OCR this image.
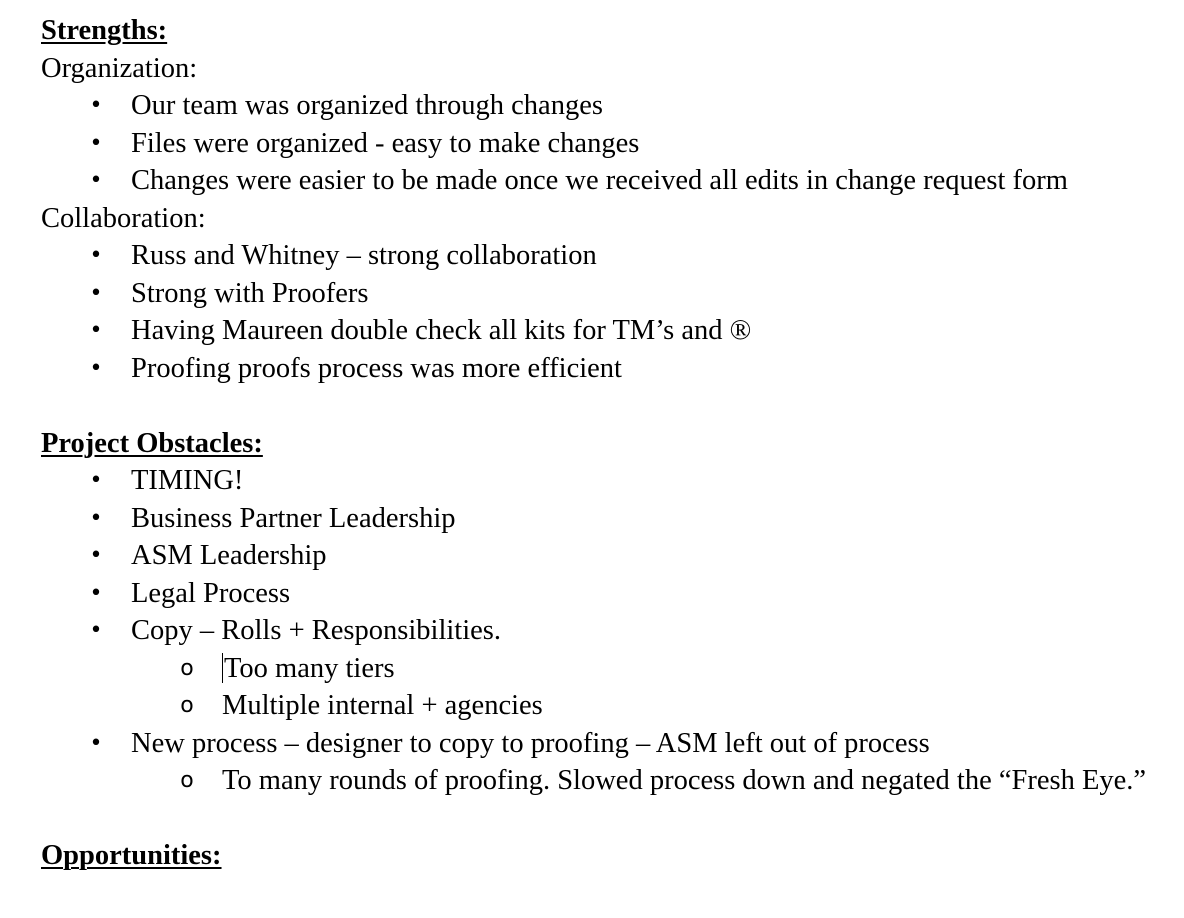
Strengths:
Organization:
• Our team was organized through changes
• Files were organized - easy to make changes
• Changes were easier to be made once we received all edits in change request form
Collaboration:
• Russ and Whitney – strong collaboration
• Strong with Proofers
• Having Maureen double check all kits for TM’s and ®
• Proofing proofs process was more efficient
Project Obstacles:
• TIMING!
• Business Partner Leadership
• ASM Leadership
• Legal Process
• Copy – Rolls + Responsibilities.
o Too many tiers
o Multiple internal + agencies
• New process – designer to copy to proofing – ASM left out of process
o To many rounds of proofing. Slowed process down and negated the “Fresh Eye.”
Opportunities:
